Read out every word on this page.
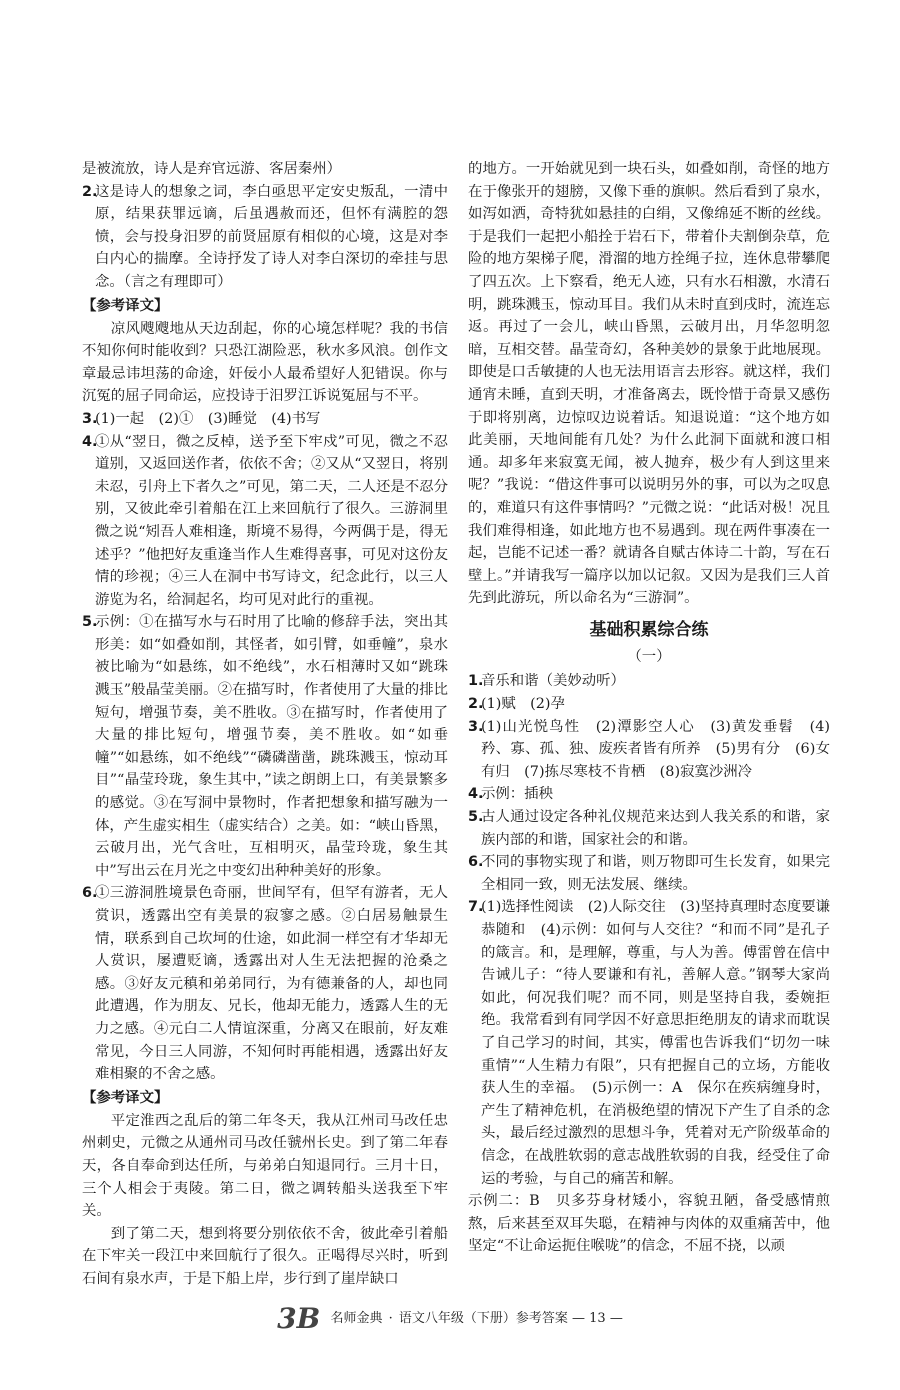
是被流放，诗人是弃官远游、客居秦州）

2.
这是诗人的想象之词，李白亟思平定安史叛乱，一清中原，结果获罪远谪，后虽遇赦而还，但怀有满腔的怨愤，会与投身汨罗的前贤屈原有相似的心境，这是对李白内心的揣摩。全诗抒发了诗人对李白深切的牵挂与思念。（言之有理即可）

【参考译文】

凉风飕飕地从天边刮起，你的心境怎样呢？我的书信不知你何时能收到？只恐江湖险恶，秋水多风浪。创作文章最忌讳坦荡的命途，奸佞小人最希望好人犯错误。你与沉冤的屈子同命运，应投诗于汨罗江诉说冤屈与不平。

3.
(1)一起　(2)①　(3)睡觉　(4)书写

4.
①从“翌日，微之反棹，送予至下牢戍”可见，微之不忍道别，又返回送作者，依依不舍；②又从“又翌日，将别未忍，引舟上下者久之”可见，第二天，二人还是不忍分别，又彼此牵引着船在江上来回航行了很久。三游洞里微之说“矧吾人难相逢，斯境不易得，今两偶于是，得无述乎？”他把好友重逢当作人生难得喜事，可见对这份友情的珍视；④三人在洞中书写诗文，纪念此行，以三人游览为名，给洞起名，均可见对此行的重视。

5.
示例：①在描写水与石时用了比喻的修辞手法，突出其形美：如“如叠如削，其怪者，如引臂，如垂幢”，泉水被比喻为“如悬练，如不绝线”，水石相薄时又如“跳珠溅玉”般晶莹美丽。②在描写时，作者使用了大量的排比短句，增强节奏，美不胜收。③在描写时，作者使用了大量的排比短句，增强节奏，美不胜收。如“如垂幢”“如悬练，如不绝线”“磷磷凿凿，跳珠溅玉，惊动耳目”“晶莹玲珑，象生其中，”读之朗朗上口，有美景繁多的感觉。③在写洞中景物时，作者把想象和描写融为一体，产生虚实相生（虚实结合）之美。如：“峡山昏黑，云破月出，光气含吐，互相明灭，晶莹玲珑，象生其中”写出云在月光之中变幻出种种美好的形象。

6.
①三游洞胜境景色奇丽，世间罕有，但罕有游者，无人赏识，透露出空有美景的寂寥之感。②白居易触景生情，联系到自己坎坷的仕途，如此洞一样空有才华却无人赏识，屡遭贬谪，透露出对人生无法把握的沧桑之感。③好友元稹和弟弟同行，为有德兼备的人，却也同此遭遇，作为朋友、兄长，他却无能力，透露人生的无力之感。④元白二人情谊深重，分离又在眼前，好友难常见，今日三人同游，不知何时再能相遇，透露出好友难相聚的不舍之感。

【参考译文】

平定淮西之乱后的第二年冬天，我从江州司马改任忠州刺史，元微之从通州司马改任虢州长史。到了第二年春天，各自奉命到达任所，与弟弟白知退同行。三月十日，三个人相会于夷陵。第二日，微之调转船头送我至下牢关。

到了第二天，想到将要分别依依不舍，彼此牵引着船在下牢关一段江中来回航行了很久。正喝得尽兴时，听到石间有泉水声，于是下船上岸，步行到了崖岸缺口

的地方。一开始就见到一块石头，如叠如削，奇怪的地方在于像张开的翅膀，又像下垂的旗帜。然后看到了泉水，如泻如洒，奇特犹如悬挂的白绢，又像绵延不断的丝线。于是我们一起把小船拴于岩石下，带着仆夫割倒杂草，危险的地方架梯子爬，滑溜的地方拴绳子拉，连休息带攀爬了四五次。上下察看，绝无人迹，只有水石相激，水清石明，跳珠溅玉，惊动耳目。我们从未时直到戌时，流连忘返。再过了一会儿，峡山昏黑，云破月出，月华忽明忽暗，互相交替。晶莹奇幻，各种美妙的景象于此地展现。即使是口舌敏捷的人也无法用语言去形容。就这样，我们通宵未睡，直到天明，才准备离去，既怜惜于奇景又感伤于即将别离，边惊叹边说着话。知退说道：“这个地方如此美丽，天地间能有几处？为什么此洞下面就和渡口相通。却多年来寂寞无闻，被人抛弃，极少有人到这里来呢？”我说：“借这件事可以说明另外的事，可以为之叹息的，难道只有这件事情吗？”元微之说：“此话对极！况且我们难得相逢，如此地方也不易遇到。现在两件事凑在一起，岂能不记述一番？就请各自赋古体诗二十韵，写在石壁上。”并请我写一篇序以加以记叙。又因为是我们三人首先到此游玩，所以命名为“三游洞”。

基础积累综合练
（一）

1.
音乐和谐（美妙动听）

2.
(1)赋　(2)孕

3.
(1)山光悦鸟性　(2)潭影空人心　(3)黄发垂髫　(4)矜、寡、孤、独、废疾者皆有所养　(5)男有分　(6)女有归　(7)拣尽寒枝不肯栖　(8)寂寞沙洲冷

4.
示例：插秧

5.
古人通过设定各种礼仪规范来达到人我关系的和谐，家族内部的和谐，国家社会的和谐。

6.
不同的事物实现了和谐，则万物即可生长发育，如果完全相同一致，则无法发展、继续。

7.
(1)选择性阅读　(2)人际交往　(3)坚持真理时态度要谦恭随和　(4)示例：如何与人交往？“和而不同”是孔子的箴言。和，是理解，尊重，与人为善。傅雷曾在信中告诫儿子：“待人要谦和有礼，善解人意。”钢琴大家尚如此，何况我们呢？而不同，则是坚持自我，委婉拒绝。我常看到有同学因不好意思拒绝朋友的请求而耽误了自己学习的时间，其实，傅雷也告诉我们“切勿一味重情”“人生精力有限”，只有把握自己的立场，方能收获人生的幸福。　(5)示例一：A　保尔在疾病缠身时，产生了精神危机，在消极绝望的情况下产生了自杀的念头，最后经过激烈的思想斗争，凭着对无产阶级革命的信念，在战胜软弱的意志战胜软弱的自我，经受住了命运的考验，与自己的痛苦和解。

示例二：B　贝多芬身材矮小，容貌丑陋，备受感情煎熬，后来甚至双耳失聪，在精神与肉体的双重痛苦中，他坚定“不让命运扼住喉咙”的信念，不屈不挠，以顽

3B 名师金典 · 语文八年级（下册）参考答案 — 13 —
